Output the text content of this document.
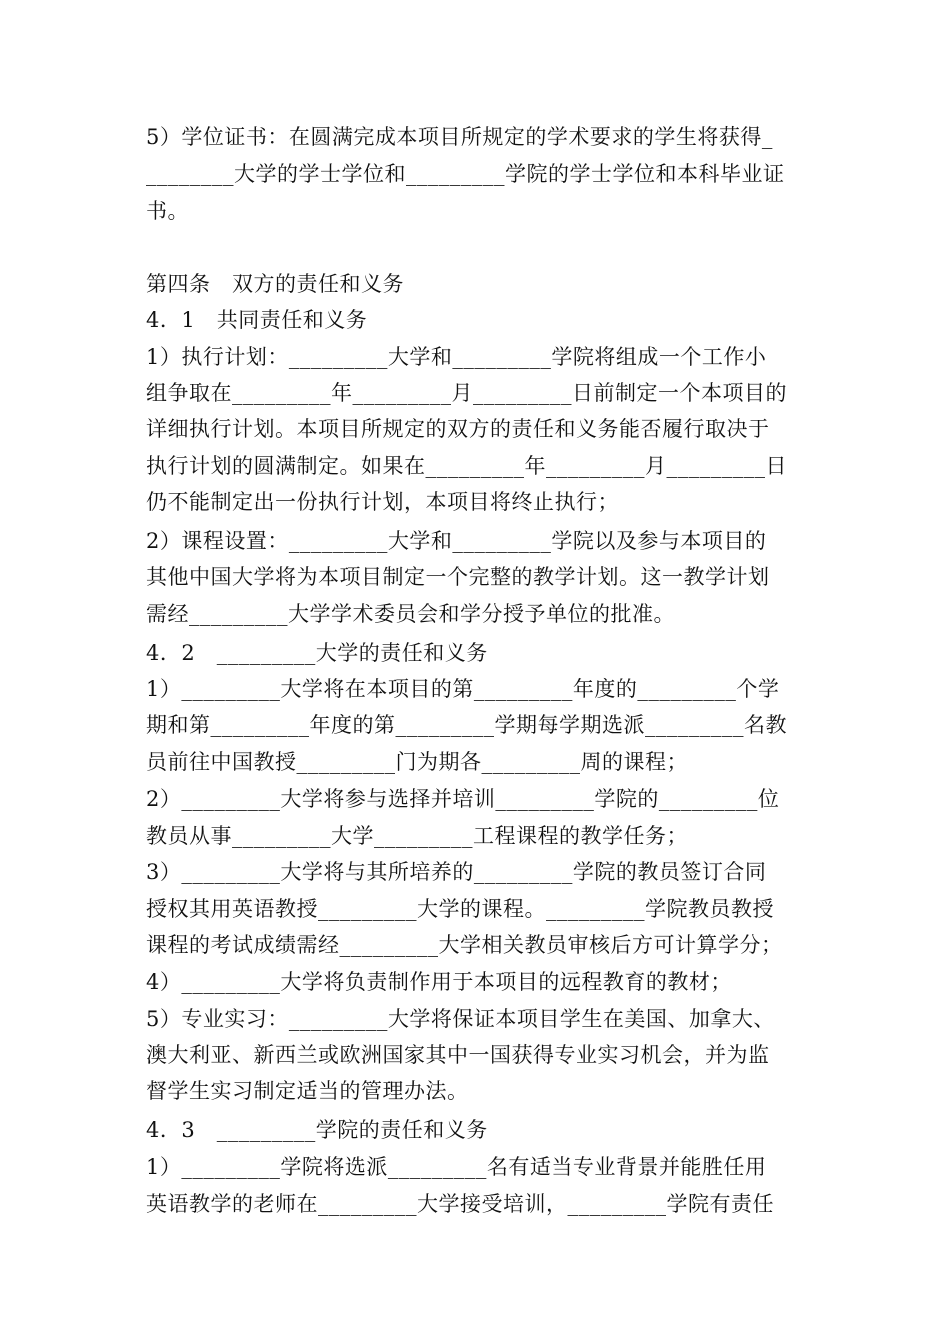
5）学位证书：在圆满完成本项目所规定的学术要求的学生将获得_
________大学的学士学位和_________学院的学士学位和本科毕业证
书。
第四条　双方的责任和义务
4．1　共同责任和义务
1）执行计划：_________大学和_________学院将组成一个工作小
组争取在_________年_________月_________日前制定一个本项目的
详细执行计划。本项目所规定的双方的责任和义务能否履行取决于
执行计划的圆满制定。如果在_________年_________月_________日
仍不能制定出一份执行计划，本项目将终止执行；
2）课程设置：_________大学和_________学院以及参与本项目的
其他中国大学将为本项目制定一个完整的教学计划。这一教学计划
需经_________大学学术委员会和学分授予单位的批准。
4．2　_________大学的责任和义务
1）_________大学将在本项目的第_________年度的_________个学
期和第_________年度的第_________学期每学期选派_________名教
员前往中国教授_________门为期各_________周的课程；
2）_________大学将参与选择并培训_________学院的_________位
教员从事_________大学_________工程课程的教学任务；
3）_________大学将与其所培养的_________学院的教员签订合同
授权其用英语教授_________大学的课程。_________学院教员教授
课程的考试成绩需经_________大学相关教员审核后方可计算学分；
4）_________大学将负责制作用于本项目的远程教育的教材；
5）专业实习：_________大学将保证本项目学生在美国、加拿大、
澳大利亚、新西兰或欧洲国家其中一国获得专业实习机会，并为监
督学生实习制定适当的管理办法。
4．3　_________学院的责任和义务
1）_________学院将选派_________名有适当专业背景并能胜任用
英语教学的老师在_________大学接受培训，_________学院有责任
